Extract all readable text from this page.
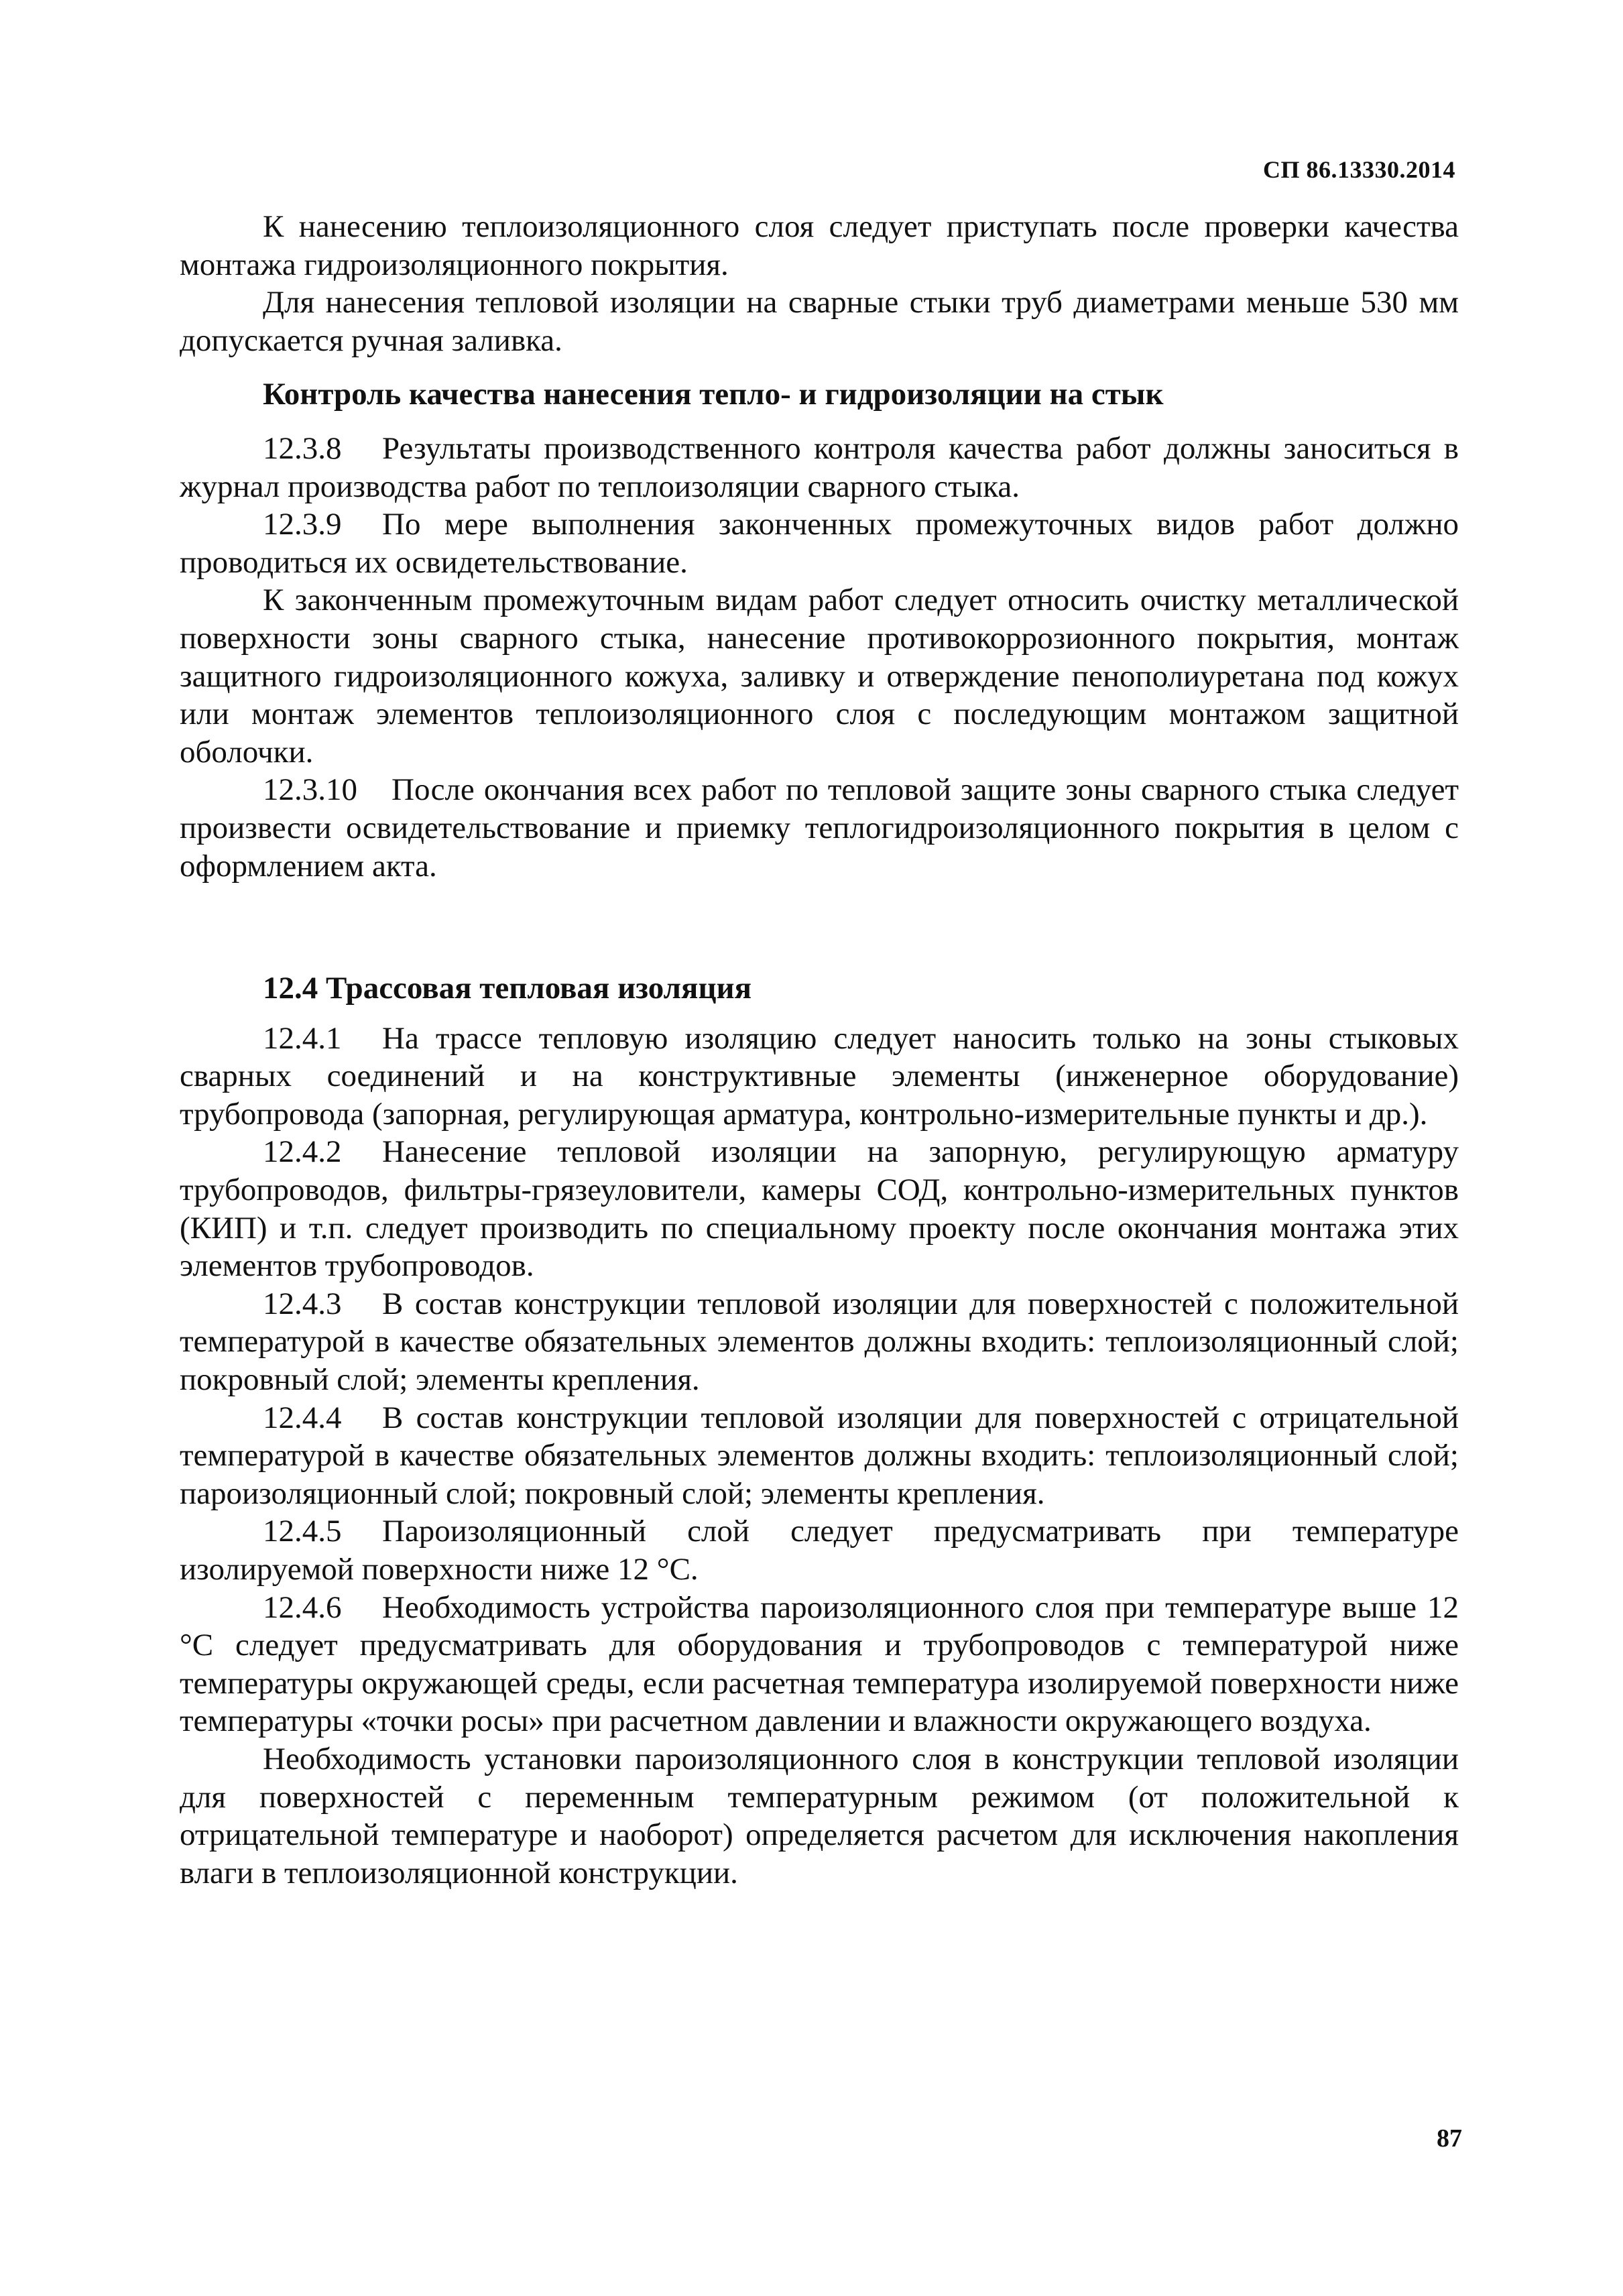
СП 86.13330.2014

К нанесению теплоизоляционного слоя следует приступать после проверки качества монтажа гидроизоляционного покрытия.

Для нанесения тепловой изоляции на сварные стыки труб диаметрами меньше 530 мм допускается ручная заливка.

Контроль качества нанесения тепло- и гидроизоляции на стык

12.3.8 Результаты производственного контроля качества работ должны заноситься в журнал производства работ по теплоизоляции сварного стыка.

12.3.9 По мере выполнения законченных промежуточных видов работ должно проводиться их освидетельствование.

К законченным промежуточным видам работ следует относить очистку металлической поверхности зоны сварного стыка, нанесение противокоррозионного покрытия, монтаж защитного гидроизоляционного кожуха, заливку и отверждение пенополиуретана под кожух или монтаж элементов теплоизоляционного слоя с последующим монтажом защитной оболочки.

12.3.10 После окончания всех работ по тепловой защите зоны сварного стыка следует произвести освидетельствование и приемку теплогидроизоляционного покрытия в целом с оформлением акта.

12.4 Трассовая тепловая изоляция

12.4.1 На трассе тепловую изоляцию следует наносить только на зоны стыковых сварных соединений и на конструктивные элементы (инженерное оборудование) трубопровода (запорная, регулирующая арматура, контрольно-измерительные пункты и др.).

12.4.2 Нанесение тепловой изоляции на запорную, регулирующую арматуру трубопроводов, фильтры-грязеуловители, камеры СОД, контрольно-измерительных пунктов (КИП) и т.п. следует производить по специальному проекту после окончания монтажа этих элементов трубопроводов.

12.4.3 В состав конструкции тепловой изоляции для поверхностей с положительной температурой в качестве обязательных элементов должны входить: теплоизоляционный слой; покровный слой; элементы крепления.

12.4.4 В состав конструкции тепловой изоляции для поверхностей с отрицательной температурой в качестве обязательных элементов должны входить: теплоизоляционный слой; пароизоляционный слой; покровный слой; элементы крепления.

12.4.5 Пароизоляционный слой следует предусматривать при температуре изолируемой поверхности ниже 12 °С.

12.4.6 Необходимость устройства пароизоляционного слоя при температуре выше 12 °С следует предусматривать для оборудования и трубопроводов с температурой ниже температуры окружающей среды, если расчетная температура изолируемой поверхности ниже температуры «точки росы» при расчетном давлении и влажности окружающего воздуха.

Необходимость установки пароизоляционного слоя в конструкции тепловой изоляции для поверхностей с переменным температурным режимом (от положительной к отрицательной температуре и наоборот) определяется расчетом для исключения накопления влаги в теплоизоляционной конструкции.

87
